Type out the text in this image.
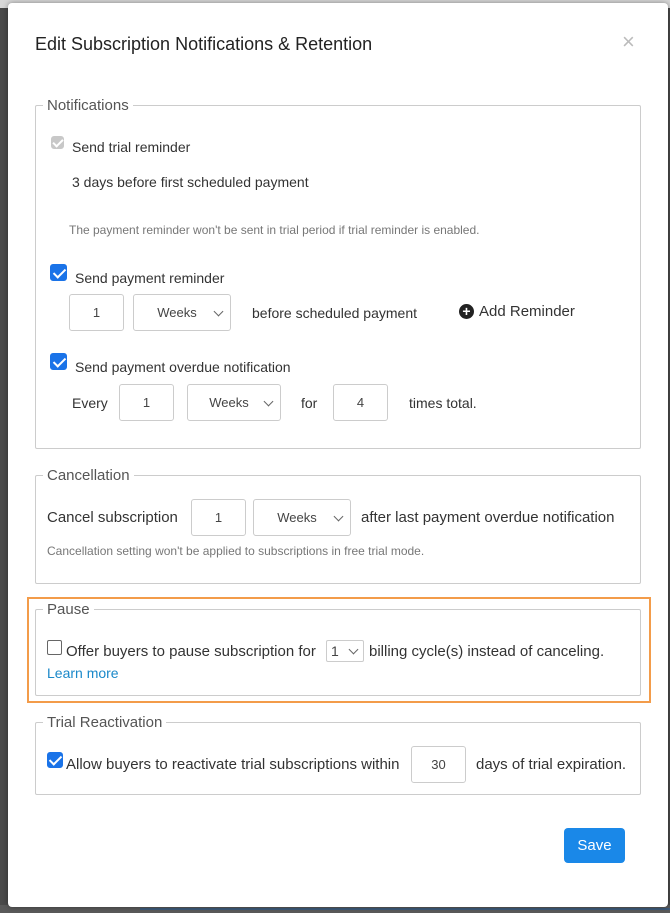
Edit Subscription Notifications & Retention	×
Notifications
Send trial reminder
3 days before first scheduled payment
The payment reminder won't be sent in trial period if trial reminder is enabled.
Send payment reminder
1	Weeks	before scheduled payment	+ Add Reminder
Send payment overdue notification
Every	1	Weeks	for	4	times total.
Cancellation
Cancel subscription	1	Weeks	after last payment overdue notification
Cancellation setting won't be applied to subscriptions in free trial mode.
Pause
Offer buyers to pause subscription for 1	billing cycle(s) instead of canceling.
Learn more
Trial Reactivation
Allow buyers to reactivate trial subscriptions within	30	days of trial expiration.
Save
